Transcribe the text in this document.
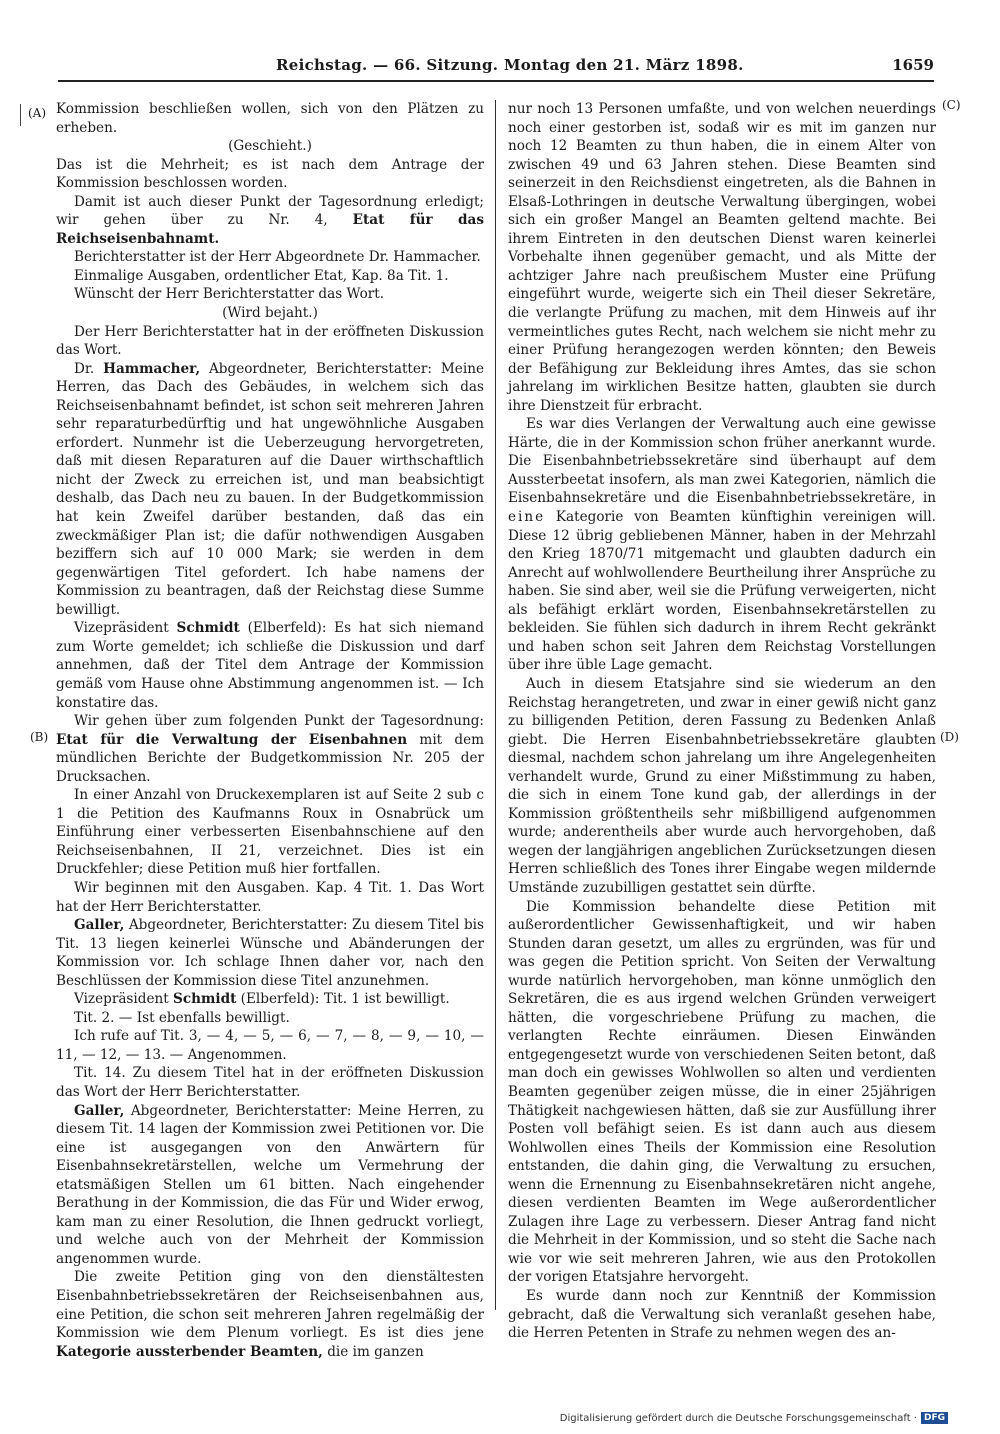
Reichstag. — 66. Sitzung. Montag den 21. März 1898.	1659
(A)
(B)
(C)
(D)

Kommission beschließen wollen, sich von den Plätzen zu erheben.

(Geschieht.)

Das ist die Mehrheit; es ist nach dem Antrage der Kommission beschlossen worden.

Damit ist auch dieser Punkt der Tagesordnung erledigt; wir gehen über zu Nr. 4, Etat für das Reichseisenbahnamt.

Berichterstatter ist der Herr Abgeordnete Dr. Hammacher.

Einmalige Ausgaben, ordentlicher Etat, Kap. 8a Tit. 1.

Wünscht der Herr Berichterstatter das Wort.

(Wird bejaht.)

Der Herr Berichterstatter hat in der eröffneten Diskussion das Wort.

Dr. Hammacher, Abgeordneter, Berichterstatter: Meine Herren, das Dach des Gebäudes, in welchem sich das Reichseisenbahnamt befindet, ist schon seit mehreren Jahren sehr reparaturbedürftig und hat ungewöhnliche Ausgaben erfordert. Nunmehr ist die Ueberzeugung hervorgetreten, daß mit diesen Reparaturen auf die Dauer wirthschaftlich nicht der Zweck zu erreichen ist, und man beabsichtigt deshalb, das Dach neu zu bauen. In der Budgetkommission hat kein Zweifel darüber bestanden, daß das ein zweckmäßiger Plan ist; die dafür nothwendigen Ausgaben beziffern sich auf 10 000 Mark; sie werden in dem gegenwärtigen Titel gefordert. Ich habe namens der Kommission zu beantragen, daß der Reichstag diese Summe bewilligt.

Vizepräsident Schmidt (Elberfeld): Es hat sich niemand zum Worte gemeldet; ich schließe die Diskussion und darf annehmen, daß der Titel dem Antrage der Kommission gemäß vom Hause ohne Abstimmung angenommen ist. — Ich konstatire das.

Wir gehen über zum folgenden Punkt der Tagesordnung: Etat für die Verwaltung der Eisenbahnen mit dem mündlichen Berichte der Budgetkommission Nr. 205 der Drucksachen.

In einer Anzahl von Druckexemplaren ist auf Seite 2 sub c 1 die Petition des Kaufmanns Roux in Osnabrück um Einführung einer verbesserten Eisenbahnschiene auf den Reichseisenbahnen, II 21, verzeichnet. Dies ist ein Druckfehler; diese Petition muß hier fortfallen.

Wir beginnen mit den Ausgaben. Kap. 4 Tit. 1. Das Wort hat der Herr Berichterstatter.

Galler, Abgeordneter, Berichterstatter: Zu diesem Titel bis Tit. 13 liegen keinerlei Wünsche und Abänderungen der Kommission vor. Ich schlage Ihnen daher vor, nach den Beschlüssen der Kommission diese Titel anzunehmen.

Vizepräsident Schmidt (Elberfeld): Tit. 1 ist bewilligt.

Tit. 2. — Ist ebenfalls bewilligt.

Ich rufe auf Tit. 3, — 4, — 5, — 6, — 7, — 8, — 9, — 10, — 11, — 12, — 13. — Angenommen.

Tit. 14. Zu diesem Titel hat in der eröffneten Diskussion das Wort der Herr Berichterstatter.

Galler, Abgeordneter, Berichterstatter: Meine Herren, zu diesem Tit. 14 lagen der Kommission zwei Petitionen vor. Die eine ist ausgegangen von den Anwärtern für Eisenbahnsekretärstellen, welche um Vermehrung der etatsmäßigen Stellen um 61 bitten. Nach eingehender Berathung in der Kommission, die das Für und Wider erwog, kam man zu einer Resolution, die Ihnen gedruckt vorliegt, und welche auch von der Mehrheit der Kommission angenommen wurde.

Die zweite Petition ging von den dienstältesten Eisenbahnbetriebssekretären der Reichseisenbahnen aus, eine Petition, die schon seit mehreren Jahren regelmäßig der Kommission wie dem Plenum vorliegt. Es ist dies jene Kategorie aussterbender Beamten, die im ganzen

nur noch 13 Personen umfaßte, und von welchen neuerdings noch einer gestorben ist, sodaß wir es mit im ganzen nur noch 12 Beamten zu thun haben, die in einem Alter von zwischen 49 und 63 Jahren stehen. Diese Beamten sind seinerzeit in den Reichsdienst eingetreten, als die Bahnen in Elsaß-Lothringen in deutsche Verwaltung übergingen, wobei sich ein großer Mangel an Beamten geltend machte. Bei ihrem Eintreten in den deutschen Dienst waren keinerlei Vorbehalte ihnen gegenüber gemacht, und als Mitte der achtziger Jahre nach preußischem Muster eine Prüfung eingeführt wurde, weigerte sich ein Theil dieser Sekretäre, die verlangte Prüfung zu machen, mit dem Hinweis auf ihr vermeintliches gutes Recht, nach welchem sie nicht mehr zu einer Prüfung herangezogen werden könnten; den Beweis der Befähigung zur Bekleidung ihres Amtes, das sie schon jahrelang im wirklichen Besitze hatten, glaubten sie durch ihre Dienstzeit für erbracht.

Es war dies Verlangen der Verwaltung auch eine gewisse Härte, die in der Kommission schon früher anerkannt wurde. Die Eisenbahnbetriebssekretäre sind überhaupt auf dem Aussterbeetat insofern, als man zwei Kategorien, nämlich die Eisenbahnsekretäre und die Eisenbahnbetriebssekretäre, in eine Kategorie von Beamten künftighin vereinigen will. Diese 12 übrig gebliebenen Männer, haben in der Mehrzahl den Krieg 1870/71 mitgemacht und glaubten dadurch ein Anrecht auf wohlwollendere Beurtheilung ihrer Ansprüche zu haben. Sie sind aber, weil sie die Prüfung verweigerten, nicht als befähigt erklärt worden, Eisenbahnsekretärstellen zu bekleiden. Sie fühlen sich dadurch in ihrem Recht gekränkt und haben schon seit Jahren dem Reichstag Vorstellungen über ihre üble Lage gemacht.

Auch in diesem Etatsjahre sind sie wiederum an den Reichstag herangetreten, und zwar in einer gewiß nicht ganz zu billigenden Petition, deren Fassung zu Bedenken Anlaß giebt. Die Herren Eisenbahnbetriebssekretäre glaubten diesmal, nachdem schon jahrelang um ihre Angelegenheiten verhandelt wurde, Grund zu einer Mißstimmung zu haben, die sich in einem Tone kund gab, der allerdings in der Kommission größtentheils sehr mißbilligend aufgenommen wurde; anderentheils aber wurde auch hervorgehoben, daß wegen der langjährigen angeblichen Zurücksetzungen diesen Herren schließlich des Tones ihrer Eingabe wegen mildernde Umstände zuzubilligen gestattet sein dürfte.

Die Kommission behandelte diese Petition mit außerordentlicher Gewissenhaftigkeit, und wir haben Stunden daran gesetzt, um alles zu ergründen, was für und was gegen die Petition spricht. Von Seiten der Verwaltung wurde natürlich hervorgehoben, man könne unmöglich den Sekretären, die es aus irgend welchen Gründen verweigert hätten, die vorgeschriebene Prüfung zu machen, die verlangten Rechte einräumen. Diesen Einwänden entgegengesetzt wurde von verschiedenen Seiten betont, daß man doch ein gewisses Wohlwollen so alten und verdienten Beamten gegenüber zeigen müsse, die in einer 25jährigen Thätigkeit nachgewiesen hätten, daß sie zur Ausfüllung ihrer Posten voll befähigt seien. Es ist dann auch aus diesem Wohlwollen eines Theils der Kommission eine Resolution entstanden, die dahin ging, die Verwaltung zu ersuchen, wenn die Ernennung zu Eisenbahnsekretären nicht angehe, diesen verdienten Beamten im Wege außerordentlicher Zulagen ihre Lage zu verbessern. Dieser Antrag fand nicht die Mehrheit in der Kommission, und so steht die Sache nach wie vor wie seit mehreren Jahren, wie aus den Protokollen der vorigen Etatsjahre hervorgeht.

Es wurde dann noch zur Kenntniß der Kommission gebracht, daß die Verwaltung sich veranlaßt gesehen habe, die Herren Petenten in Strafe zu nehmen wegen des an-

Digitalisierung gefördert durch die Deutsche Forschungsgemeinschaft · DFG
